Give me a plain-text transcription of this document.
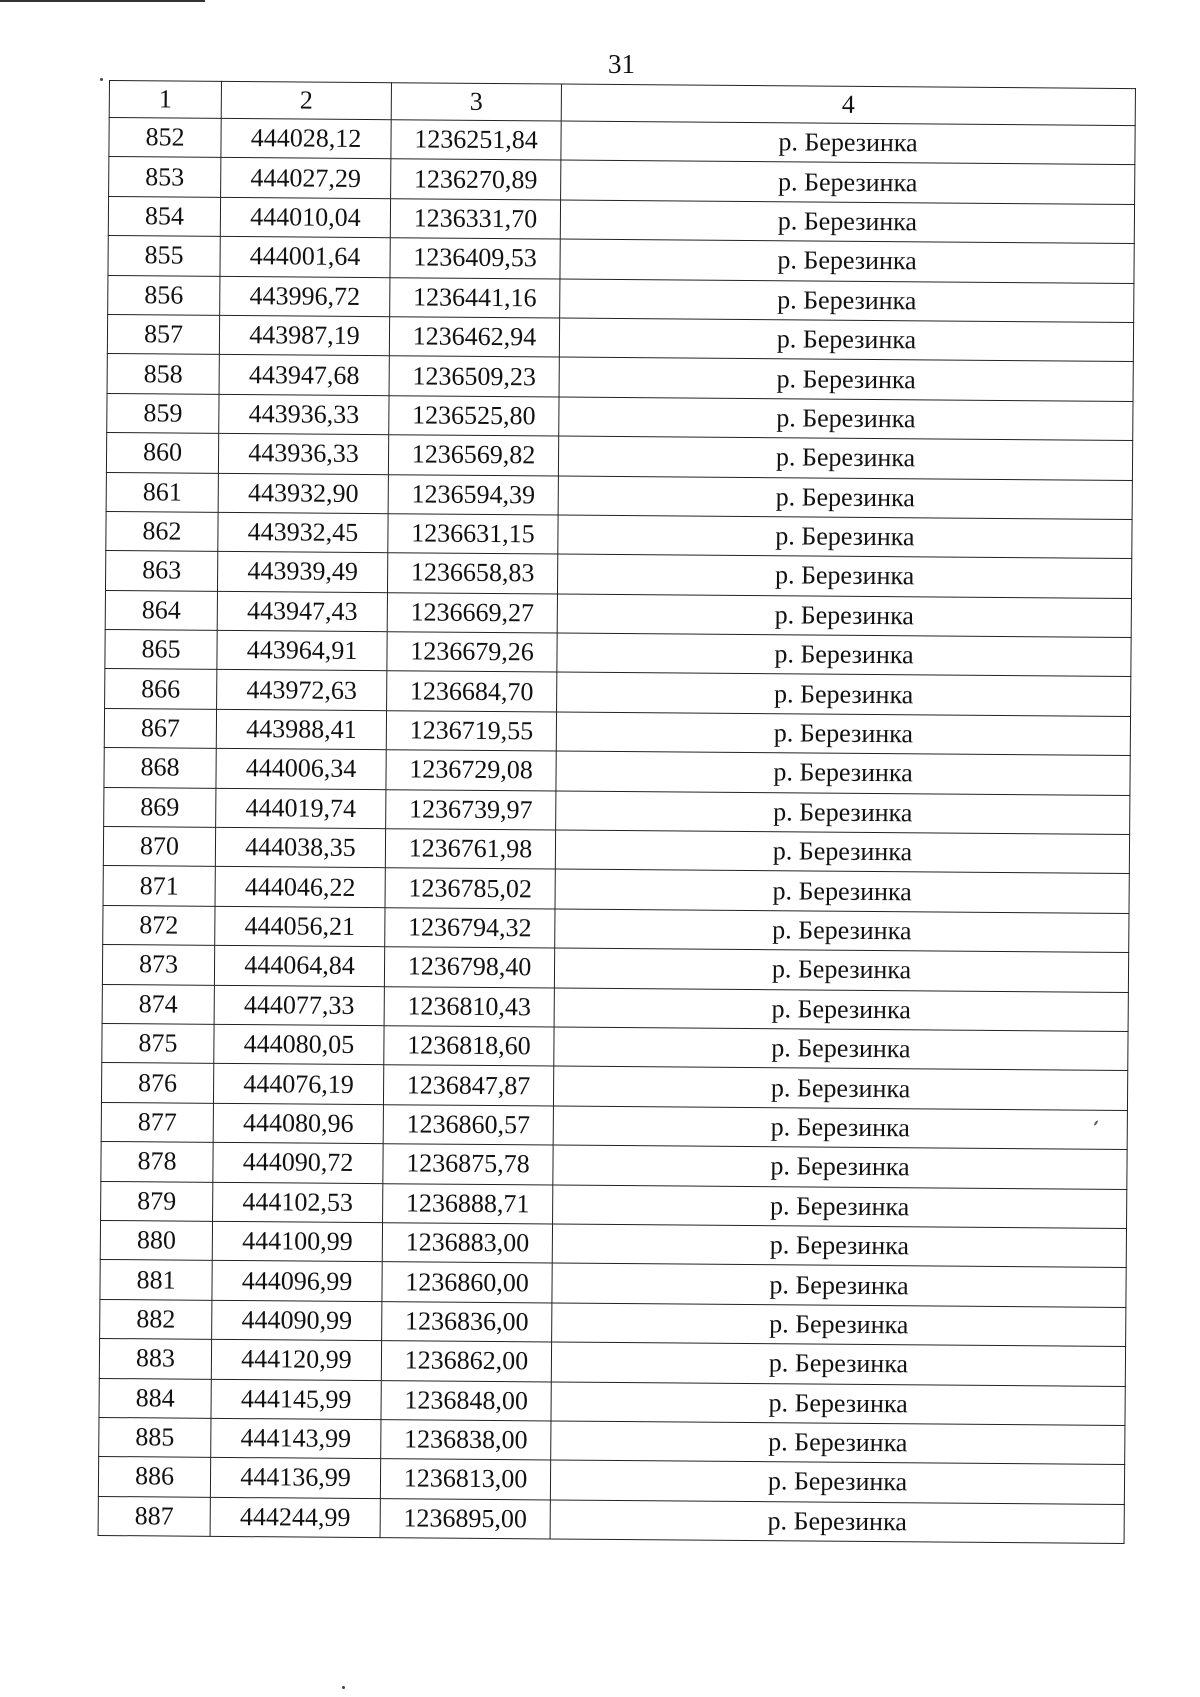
31
1	2	3	4
852	444028,12	1236251,84	р. Березинка
853	444027,29	1236270,89	р. Березинка
854	444010,04	1236331,70	р. Березинка
855	444001,64	1236409,53	р. Березинка
856	443996,72	1236441,16	р. Березинка
857	443987,19	1236462,94	р. Березинка
858	443947,68	1236509,23	р. Березинка
859	443936,33	1236525,80	р. Березинка
860	443936,33	1236569,82	р. Березинка
861	443932,90	1236594,39	р. Березинка
862	443932,45	1236631,15	р. Березинка
863	443939,49	1236658,83	р. Березинка
864	443947,43	1236669,27	р. Березинка
865	443964,91	1236679,26	р. Березинка
866	443972,63	1236684,70	р. Березинка
867	443988,41	1236719,55	р. Березинка
868	444006,34	1236729,08	р. Березинка
869	444019,74	1236739,97	р. Березинка
870	444038,35	1236761,98	р. Березинка
871	444046,22	1236785,02	р. Березинка
872	444056,21	1236794,32	р. Березинка
873	444064,84	1236798,40	р. Березинка
874	444077,33	1236810,43	р. Березинка
875	444080,05	1236818,60	р. Березинка
876	444076,19	1236847,87	р. Березинка
877	444080,96	1236860,57	р. Березинка
878	444090,72	1236875,78	р. Березинка
879	444102,53	1236888,71	р. Березинка
880	444100,99	1236883,00	р. Березинка
881	444096,99	1236860,00	р. Березинка
882	444090,99	1236836,00	р. Березинка
883	444120,99	1236862,00	р. Березинка
884	444145,99	1236848,00	р. Березинка
885	444143,99	1236838,00	р. Березинка
886	444136,99	1236813,00	р. Березинка
887	444244,99	1236895,00	р. Березинка
